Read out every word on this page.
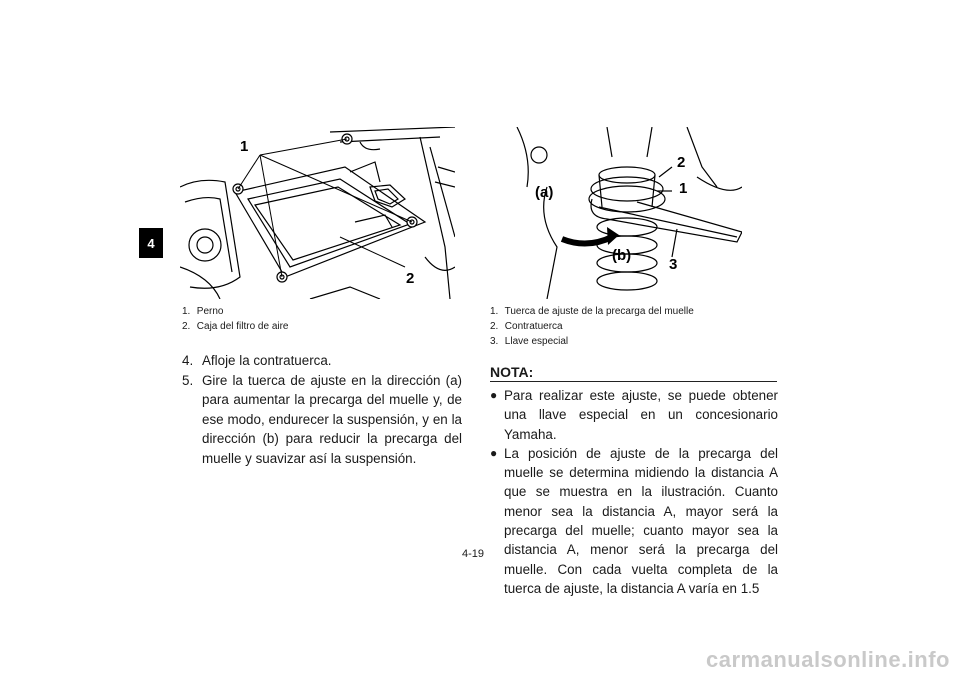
4
1
2
2
1
(a)
(b)
3
1. Perno
2. Caja del filtro de aire
1. Tuerca de ajuste de la precarga del muelle
2. Contratuerca
3. Llave especial
4. Afloje la contratuerca.
5. Gire la tuerca de ajuste en la dirección (a) para aumentar la precarga del muelle y, de ese modo, endurecer la suspensión, y en la dirección (b) para reducir la precarga del muelle y suavizar así la suspensión.
NOTA:
● Para realizar este ajuste, se puede obtener una llave especial en un concesionario Yamaha.
● La posición de ajuste de la precarga del muelle se determina midiendo la distancia A que se muestra en la ilustración. Cuanto menor sea la distancia A, mayor será la precarga del muelle; cuanto mayor sea la distancia A, menor será la precarga del muelle. Con cada vuelta completa de la tuerca de ajuste, la distancia A varía en 1.5
4-19
carmanualsonline.info
